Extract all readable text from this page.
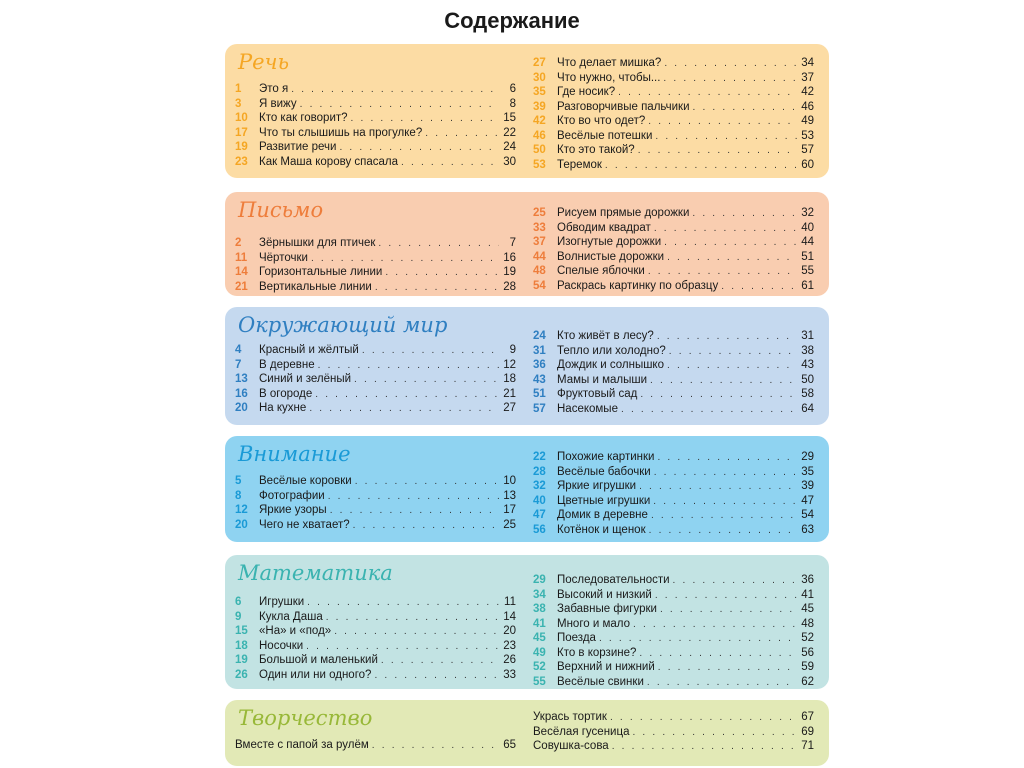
Содержание
Речь
1	Это я . . .	6
3	Я вижу . . .	8
10 Кто как говорит? . . .	15
17 Что ты слышишь на прогулке? . . .	22
19 Развитие речи . . .	24
23 Как Маша корову спасала . . .	30
27 Что делает мишка? . . .	34
30 Что нужно, чтобы... . . .	37
35 Где носик? . . .	42
39 Разговорчивые пальчики . . .	46
42 Кто во что одет? . . .	49
46 Весёлые потешки . . .	53
50 Кто это такой? . . .	57
53 Теремок . . .	60
Письмо
2	Зёрнышки для птичек . . .	7
11	Чёрточки . . .	16
14 Горизонтальные линии . . .	19
21 Вертикальные линии . . .	28
25 Рисуем прямые дорожки . . .	32
33 Обводим квадрат . . .	40
37 Изогнутые дорожки . . .	44
44 Волнистые дорожки . . .	51
48 Спелые яблочки . . .	55
54 Раскрась картинку по образцу . . .	61
Окружающий мир
4	Красный и жёлтый . . .	9
7	В деревне . . .	12
13 Синий и зелёный . . .	18
16 В огороде . . .	21
20 На кухне . . .	27
24 Кто живёт в лесу? . . .	31
31 Тепло или холодно? . . .	38
36 Дождик и солнышко . . .	43
43 Мамы и малыши . . .	50
51 Фруктовый сад . . .	58
57 Насекомые . . .	64
Внимание
5	Весёлые коровки . . .	10
8	Фотографии . . .	13
12 Яркие узоры . . .	17
20 Чего не хватает? . . .	25
22 Похожие картинки . . .	29
28 Весёлые бабочки . . .	35
32 Яркие игрушки . . .	39
40 Цветные игрушки . . .	47
47 Домик в деревне . . .	54
56 Котёнок и щенок . . .	63
Математика
6	Игрушки . . .	11
9	Кукла Даша . . .	14
15 «На» и «под» . . .	20
18 Носочки . . .	23
19 Большой и маленький . . .	26
26 Один или ни одного? . . .	33
29 Последовательности . . .	36
34 Высокий и низкий . . .	41
38 Забавные фигурки . . .	45
41 Много и мало . . .	48
45 Поезда . . .	52
49 Кто в корзине? . . .	56
52 Верхний и нижний . . .	59
55 Весёлые свинки . . .	62
Творчество
Вместе с папой за рулём . . .	65
Укрась тортик . . .	67
Весёлая гусеница . . .	69
Совушка-сова . . .	71
